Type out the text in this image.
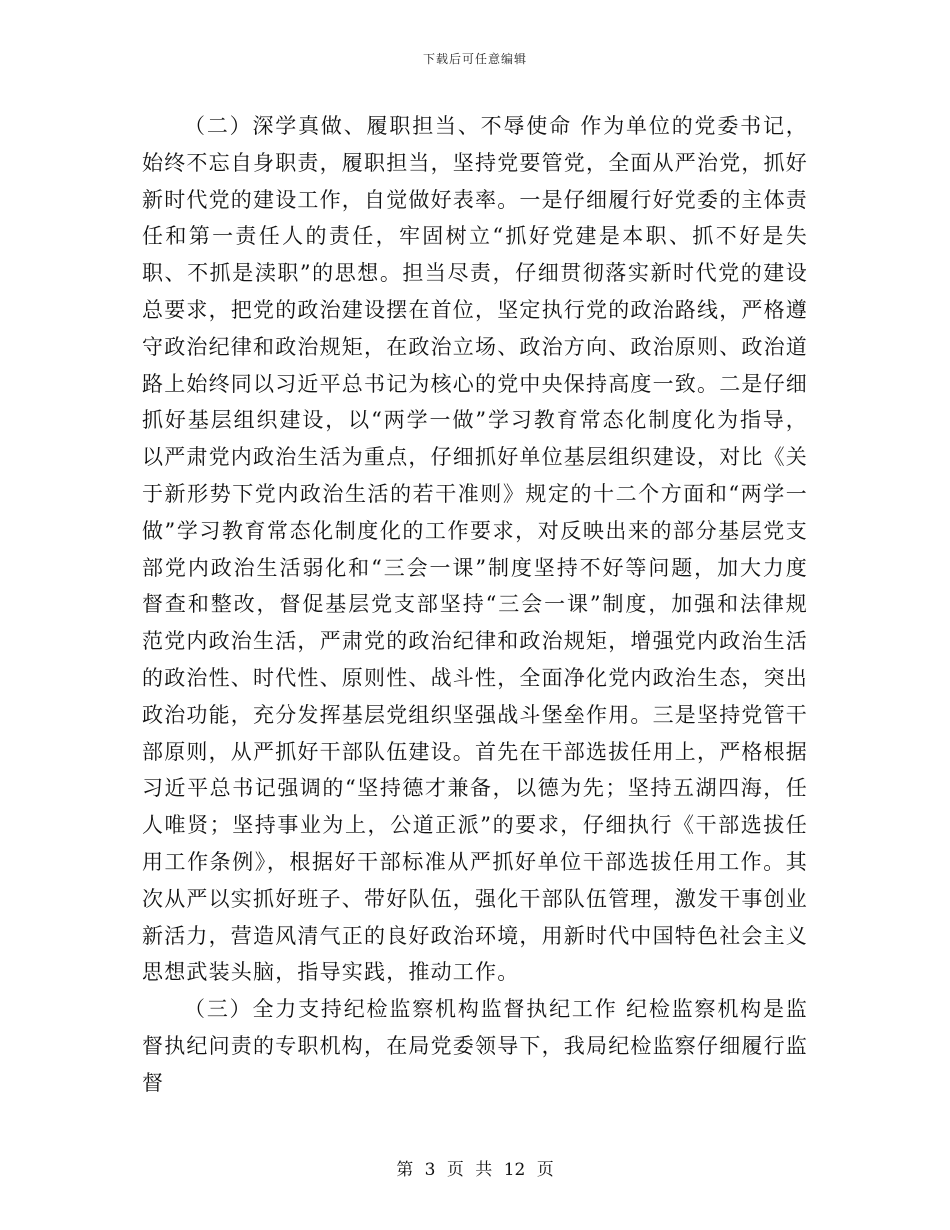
下载后可任意编辑

（二）深学真做、履职担当、不辱使命 作为单位的党委书记，始终不忘自身职责，履职担当，坚持党要管党，全面从严治党，抓好新时代党的建设工作，自觉做好表率。一是仔细履行好党委的主体责任和第一责任人的责任，牢固树立“抓好党建是本职、抓不好是失职、不抓是渎职”的思想。担当尽责，仔细贯彻落实新时代党的建设总要求，把党的政治建设摆在首位，坚定执行党的政治路线，严格遵守政治纪律和政治规矩，在政治立场、政治方向、政治原则、政治道路上始终同以习近平总书记为核心的党中央保持高度一致。二是仔细抓好基层组织建设，以“两学一做”学习教育常态化制度化为指导，以严肃党内政治生活为重点，仔细抓好单位基层组织建设，对比《关于新形势下党内政治生活的若干准则》规定的十二个方面和“两学一做”学习教育常态化制度化的工作要求，对反映出来的部分基层党支部党内政治生活弱化和“三会一课”制度坚持不好等问题，加大力度督查和整改，督促基层党支部坚持“三会一课”制度，加强和法律规范党内政治生活，严肃党的政治纪律和政治规矩，增强党内政治生活的政治性、时代性、原则性、战斗性，全面净化党内政治生态，突出政治功能，充分发挥基层党组织坚强战斗堡垒作用。三是坚持党管干部原则，从严抓好干部队伍建设。首先在干部选拔任用上，严格根据习近平总书记强调的“坚持德才兼备，以德为先；坚持五湖四海，任人唯贤；坚持事业为上，公道正派”的要求，仔细执行《干部选拔任用工作条例》，根据好干部标准从严抓好单位干部选拔任用工作。其次从严以实抓好班子、带好队伍，强化干部队伍管理，激发干事创业新活力，营造风清气正的良好政治环境，用新时代中国特色社会主义思想武装头脑，指导实践，推动工作。

（三）全力支持纪检监察机构监督执纪工作 纪检监察机构是监督执纪问责的专职机构，在局党委领导下，我局纪检监察仔细履行监督

第 3 页 共 12 页
